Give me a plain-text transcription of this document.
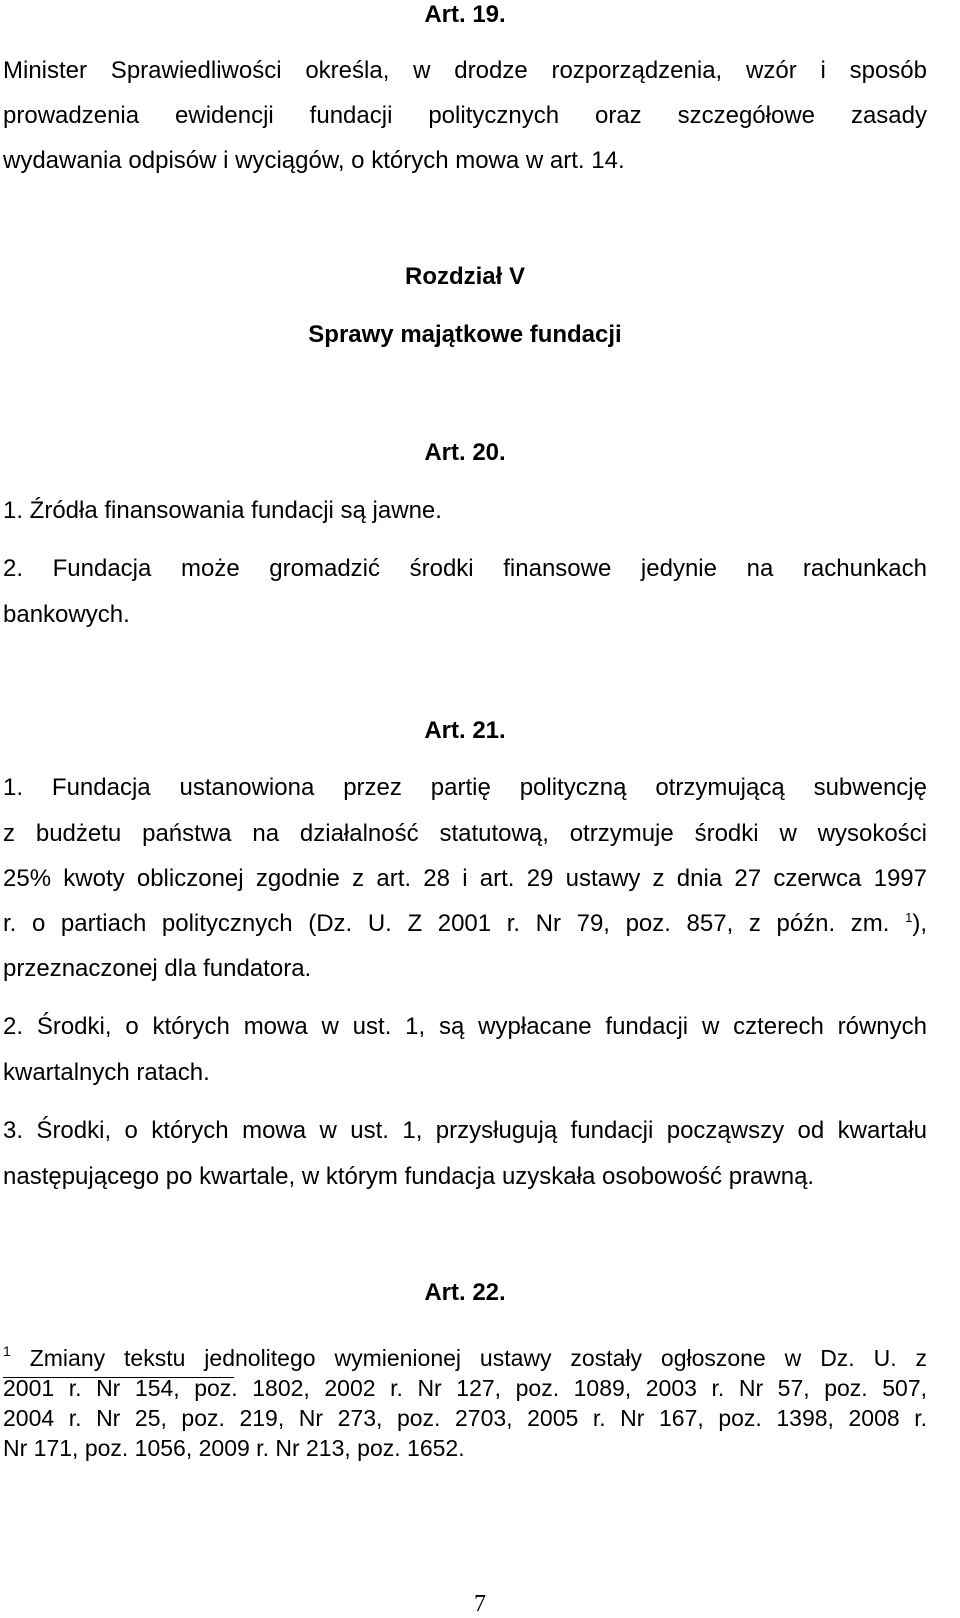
Art. 19.
Minister Sprawiedliwości określa, w drodze rozporządzenia, wzór i sposób
prowadzenia ewidencji fundacji politycznych oraz szczegółowe zasady
wydawania odpisów i wyciągów, o których mowa w art. 14.
Rozdział V
Sprawy majątkowe fundacji
Art. 20.
1. Źródła finansowania fundacji są jawne.
2. Fundacja może gromadzić środki finansowe jedynie na rachunkach
bankowych.
Art. 21.
1. Fundacja ustanowiona przez partię polityczną otrzymującą subwencję
z budżetu państwa na działalność statutową, otrzymuje środki w wysokości
25% kwoty obliczonej zgodnie z art. 28 i art. 29 ustawy z dnia 27 czerwca 1997
r. o partiach politycznych (Dz. U. Z 2001 r. Nr 79, poz. 857, z późn. zm. $^1$),
przeznaczonej dla fundatora.
2. Środki, o których mowa w ust. 1, są wypłacane fundacji w czterech równych
kwartalnych ratach.
3. Środki, o których mowa w ust. 1, przysługują fundacji począwszy od kwartału
następującego po kwartale, w którym fundacja uzyskała osobowość prawną.
Art. 22.
$^1$ Zmiany tekstu jednolitego wymienionej ustawy zostały ogłoszone w Dz. U. z
2001 r. Nr 154, poz. 1802, 2002 r. Nr 127, poz. 1089, 2003 r. Nr 57, poz. 507,
2004 r. Nr 25, poz. 219, Nr 273, poz. 2703, 2005 r. Nr 167, poz. 1398, 2008 r.
Nr 171, poz. 1056, 2009 r. Nr 213, poz. 1652.
7
